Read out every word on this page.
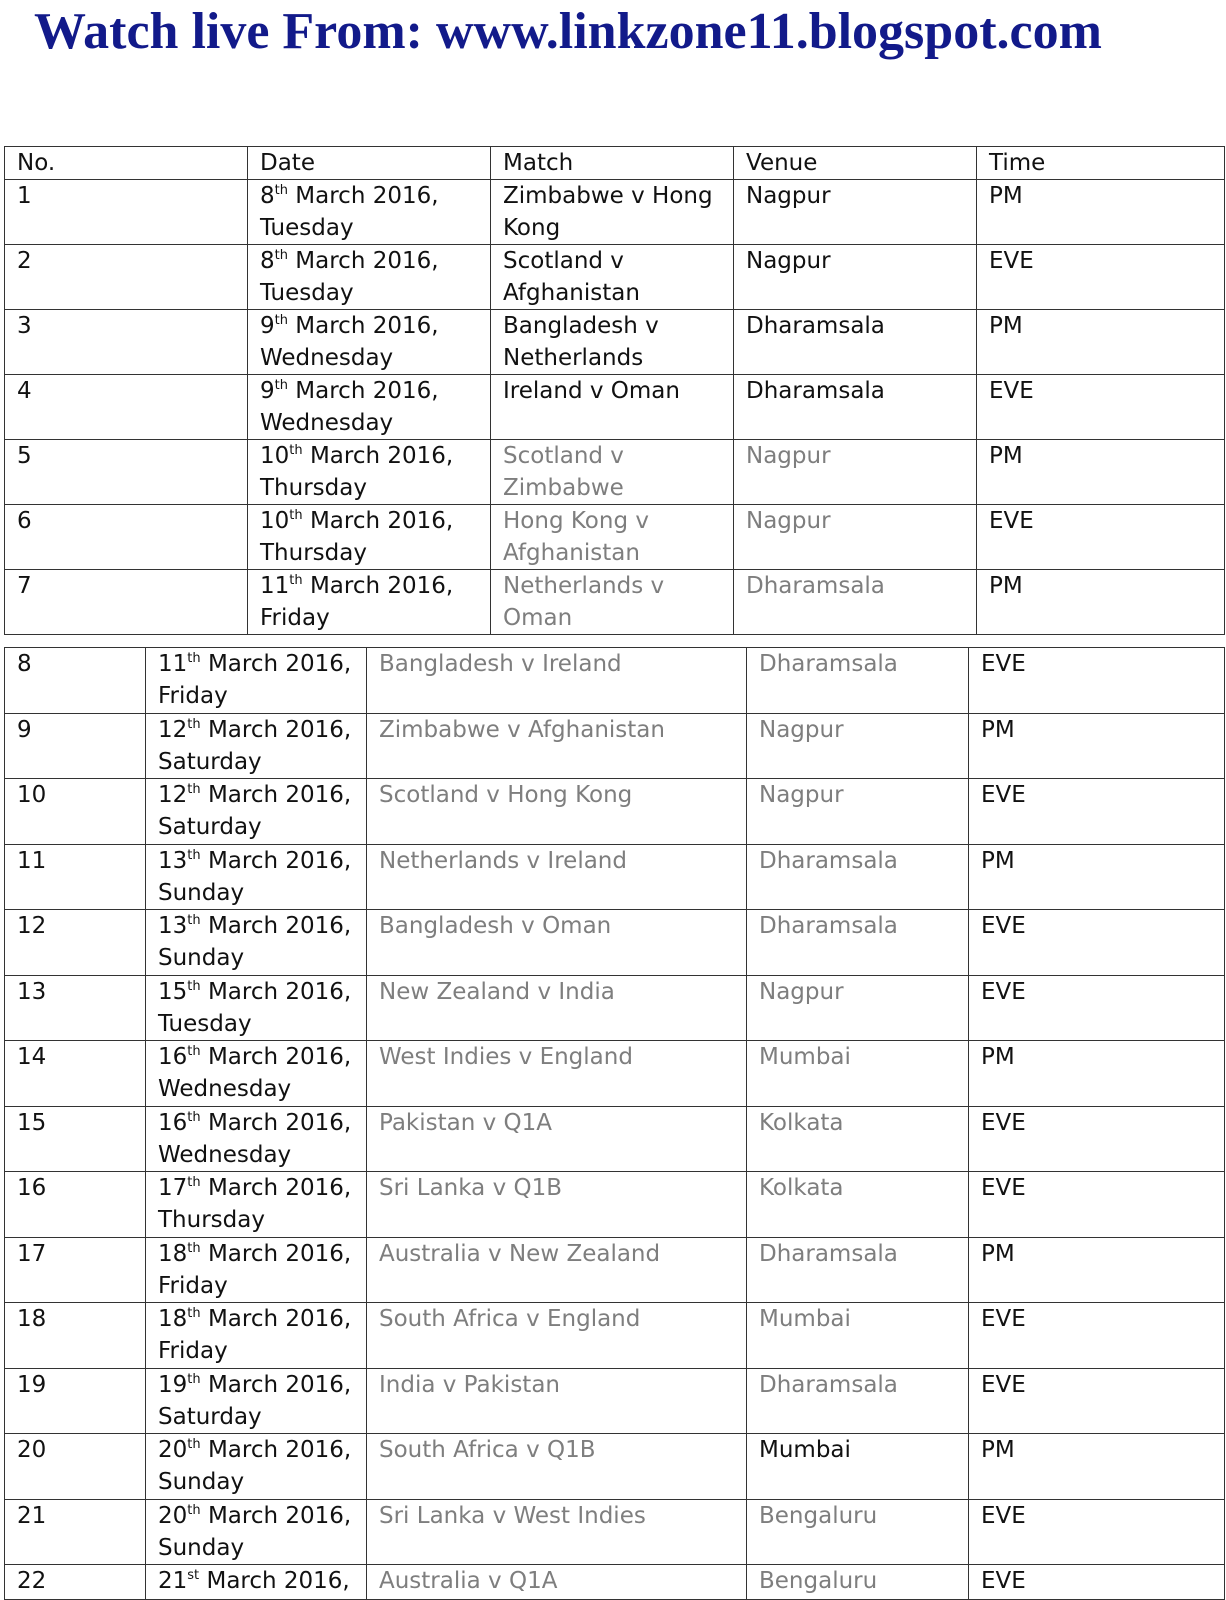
Watch live From: www.linkzone11.blogspot.com
No.	Date	Match	Venue	Time
1	8th March 2016,
Tuesday	Zimbabwe v Hong Kong	Nagpur	PM
2	8th March 2016,
Tuesday	Scotland v Afghanistan	Nagpur	EVE
3	9th March 2016,
Wednesday	Bangladesh v Netherlands	Dharamsala	PM
4	9th March 2016,
Wednesday	Ireland v Oman	Dharamsala	EVE
5	10th March 2016,
Thursday	Scotland v Zimbabwe	Nagpur	PM
6	10th March 2016,
Thursday	Hong Kong v Afghanistan	Nagpur	EVE
7	11th March 2016,
Friday	Netherlands v Oman	Dharamsala	PM
8	11th March 2016,
Friday	Bangladesh v Ireland	Dharamsala	EVE
9	12th March 2016,
Saturday	Zimbabwe v Afghanistan	Nagpur	PM
10	12th March 2016,
Saturday	Scotland v Hong Kong	Nagpur	EVE
11	13th March 2016,
Sunday	Netherlands v Ireland	Dharamsala	PM
12	13th March 2016,
Sunday	Bangladesh v Oman	Dharamsala	EVE
13	15th March 2016,
Tuesday	New Zealand v India	Nagpur	EVE
14	16th March 2016,
Wednesday	West Indies v England	Mumbai	PM
15	16th March 2016,
Wednesday	Pakistan v Q1A	Kolkata	EVE
16	17th March 2016,
Thursday	Sri Lanka v Q1B	Kolkata	EVE
17	18th March 2016,
Friday	Australia v New Zealand	Dharamsala	PM
18	18th March 2016,
Friday	South Africa v England	Mumbai	EVE
19	19th March 2016,
Saturday	India v Pakistan	Dharamsala	EVE
20	20th March 2016,
Sunday	South Africa v Q1B	Mumbai	PM
21	20th March 2016,
Sunday	Sri Lanka v West Indies	Bengaluru	EVE
22	21st March 2016,	Australia v Q1A	Bengaluru	EVE
